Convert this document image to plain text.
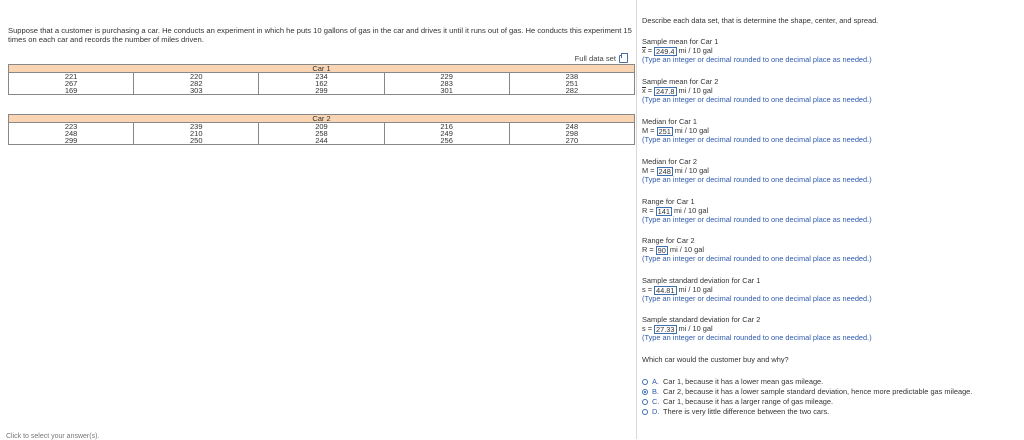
Suppose that a customer is purchasing a car. He conducts an experiment in which he puts 10 gallons of gas in the car and drives it until it runs out of gas. He conducts this experiment 15 times on each car and records the number of miles driven.
Full data set
Car 1				
221	220	234	229	238
267	282	162	283	251
169	303	299	301	282
Car 2				
223	239	209	216	248
248	210	258	249	298
299	250	244	256	270
Describe each data set, that is determine the shape, center, and spread.
Sample mean for Car 1
x = 249.4 mi / 10 gal
(Type an integer or decimal rounded to one decimal place as needed.)
Sample mean for Car 2
x = 247.8 mi / 10 gal
(Type an integer or decimal rounded to one decimal place as needed.)
Median for Car 1
M = 251 mi / 10 gal
(Type an integer or decimal rounded to one decimal place as needed.)
Median for Car 2
M = 248 mi / 10 gal
(Type an integer or decimal rounded to one decimal place as needed.)
Range for Car 1
R = 141 mi / 10 gal
(Type an integer or decimal rounded to one decimal place as needed.)
Range for Car 2
R = 90 mi / 10 gal
(Type an integer or decimal rounded to one decimal place as needed.)
Sample standard deviation for Car 1
s = 44.81 mi / 10 gal
(Type an integer or decimal rounded to one decimal place as needed.)
Sample standard deviation for Car 2
s = 27.33 mi / 10 gal
(Type an integer or decimal rounded to one decimal place as needed.)
Which car would the customer buy and why?
A. Car 1, because it has a lower mean gas mileage.
B. Car 2, because it has a lower sample standard deviation, hence more predictable gas mileage.
C. Car 1, because it has a larger range of gas mileage.
D. There is very little difference between the two cars.
Click to select your answer(s).
